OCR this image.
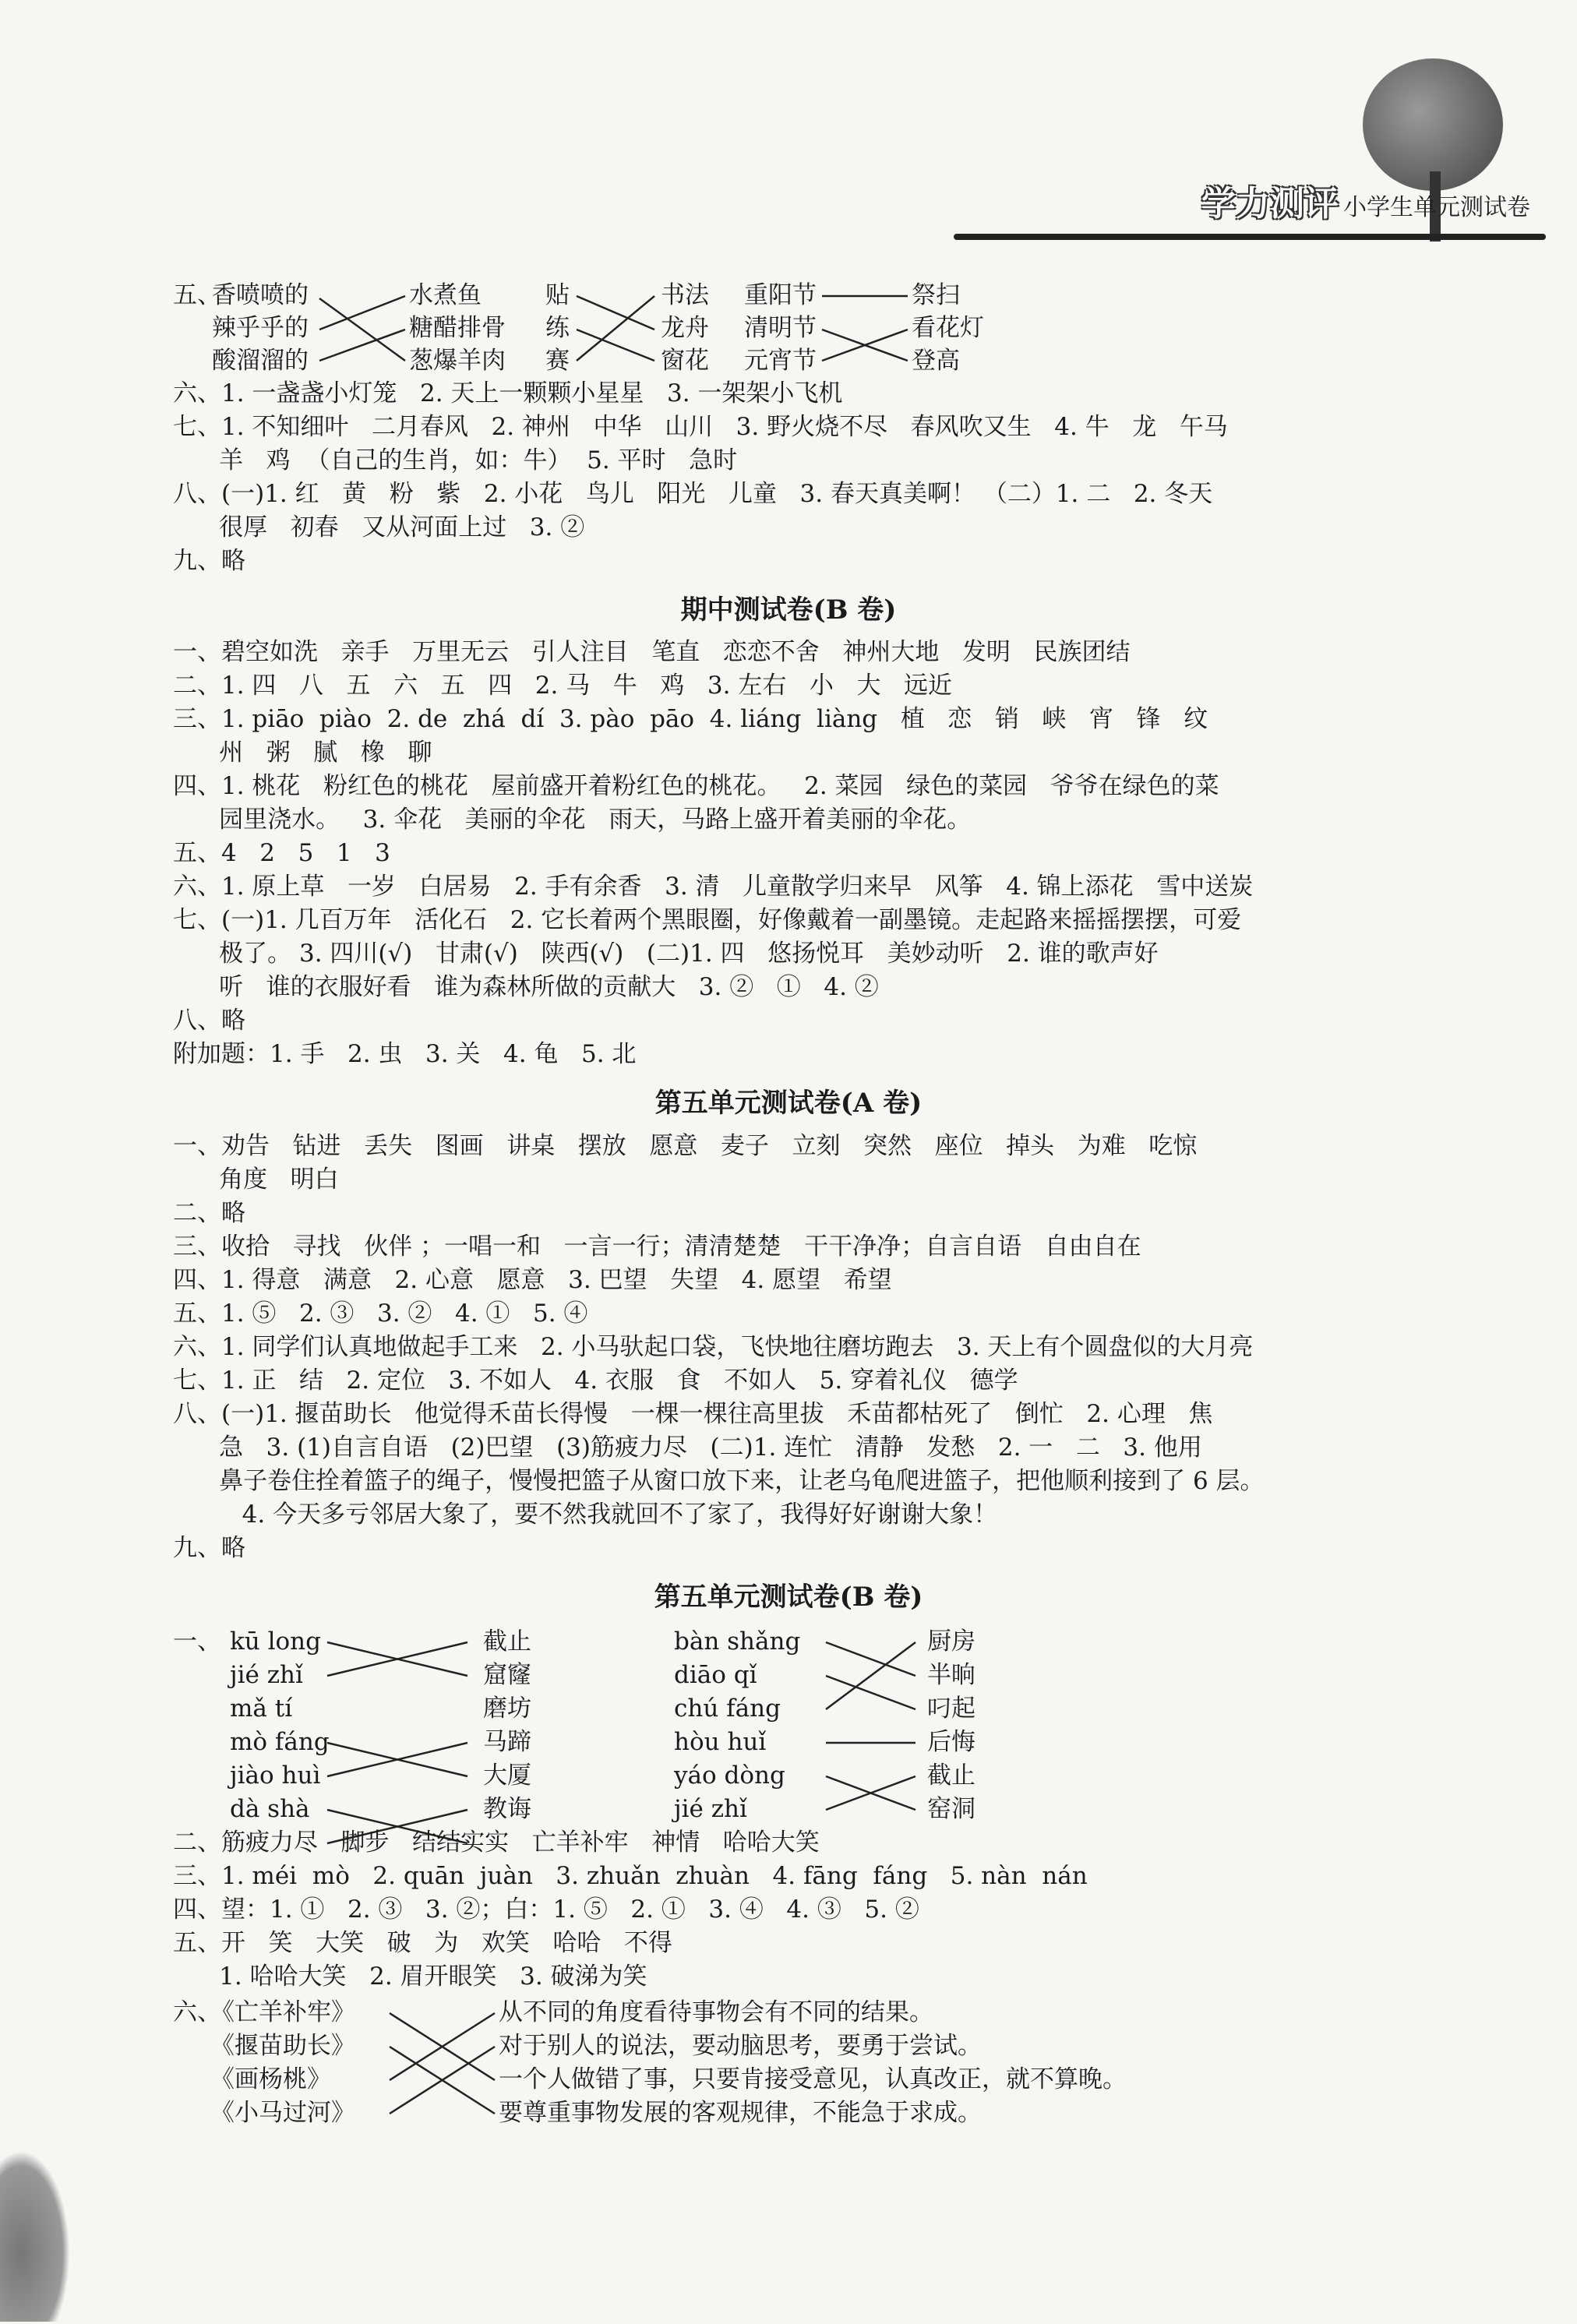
学力测评 小学生单元测试卷
五、
香喷喷的
辣乎乎的
酸溜溜的
水煮鱼
糖醋排骨
葱爆羊肉
贴
练
赛
书法
龙舟
窗花
重阳节
清明节
元宵节
祭扫
看花灯
登高
六、1. 一盏盏小灯笼   2. 天上一颗颗小星星   3. 一架架小飞机
七、1. 不知细叶   二月春风   2. 神州   中华   山川   3. 野火烧不尽   春风吹又生   4. 牛   龙   午马
羊   鸡  （自己的生肖，如：牛）  5. 平时   急时
八、(一)1. 红   黄   粉   紫   2. 小花   鸟儿   阳光   儿童   3. 春天真美啊！ （二）1. 二   2. 冬天
很厚   初春   又从河面上过   3. ②
九、略
期中测试卷(B 卷)
一、碧空如洗   亲手   万里无云   引人注目   笔直   恋恋不舍   神州大地   发明   民族团结
二、1. 四   八   五   六   五   四   2. 马   牛   鸡   3. 左右   小   大   远近
三、1. piāo  piào  2. de  zhá  dí  3. pào  pāo  4. liáng  liàng   植   恋   销   峡   宵   锋   纹
州   粥   腻   橡   聊
四、1. 桃花   粉红色的桃花   屋前盛开着粉红色的桃花。   2. 菜园   绿色的菜园   爷爷在绿色的菜
园里浇水。   3. 伞花   美丽的伞花   雨天，马路上盛开着美丽的伞花。
五、4   2   5   1   3
六、1. 原上草   一岁   白居易   2. 手有余香   3. 清   儿童散学归来早   风筝   4. 锦上添花   雪中送炭
七、(一)1. 几百万年   活化石   2. 它长着两个黑眼圈，好像戴着一副墨镜。走起路来摇摇摆摆，可爱
极了。 3. 四川(√)   甘肃(√)   陕西(√)   (二)1. 四   悠扬悦耳   美妙动听   2. 谁的歌声好
听   谁的衣服好看   谁为森林所做的贡献大   3. ②   ①   4. ②
八、略
附加题：1. 手   2. 虫   3. 关   4. 龟   5. 北
第五单元测试卷(A 卷)
一、劝告   钻进   丢失   图画   讲桌   摆放   愿意   麦子   立刻   突然   座位   掉头   为难   吃惊
角度   明白
二、略
三、收拾   寻找   伙伴 ；一唱一和   一言一行；清清楚楚   干干净净；自言自语   自由自在
四、1. 得意   满意   2. 心意   愿意   3. 巴望   失望   4. 愿望   希望
五、1. ⑤   2. ③   3. ②   4. ①   5. ④
六、1. 同学们认真地做起手工来   2. 小马驮起口袋，飞快地往磨坊跑去   3. 天上有个圆盘似的大月亮
七、1. 正   结   2. 定位   3. 不如人   4. 衣服   食   不如人   5. 穿着礼仪   德学
八、(一)1. 揠苗助长   他觉得禾苗长得慢   一棵一棵往高里拔   禾苗都枯死了   倒忙   2. 心理   焦
急   3. (1)自言自语   (2)巴望   (3)筋疲力尽   (二)1. 连忙   清静   发愁   2. 一   二   3. 他用
鼻子卷住拴着篮子的绳子，慢慢把篮子从窗口放下来，让老乌龟爬进篮子，把他顺利接到了 6 层。
4. 今天多亏邻居大象了，要不然我就回不了家了，我得好好谢谢大象！
九、略
第五单元测试卷(B 卷)
一、 kū long
jié zhǐ
mǎ tí
mò fáng
jiào huì
dà shà
截止
窟窿
磨坊
马蹄
大厦
教诲
bàn shǎng
diāo qǐ
chú fáng
hòu huǐ
yáo dòng
jié zhǐ
厨房
半晌
叼起
后悔
截止
窑洞
二、筋疲力尽   脚步   结结实实   亡羊补牢   神情   哈哈大笑
三、1. méi  mò   2. quān  juàn   3. zhuǎn  zhuàn   4. fāng  fáng   5. nàn  nán
四、望：1. ①   2. ③   3. ②；白：1. ⑤   2. ①   3. ④   4. ③   5. ②
五、开   笑   大笑   破   为   欢笑   哈哈   不得
1. 哈哈大笑   2. 眉开眼笑   3. 破涕为笑
六、
《亡羊补牢》
《揠苗助长》
《画杨桃》
《小马过河》
从不同的角度看待事物会有不同的结果。
对于别人的说法，要动脑思考，要勇于尝试。
一个人做错了事，只要肯接受意见，认真改正，就不算晚。
要尊重事物发展的客观规律，不能急于求成。
